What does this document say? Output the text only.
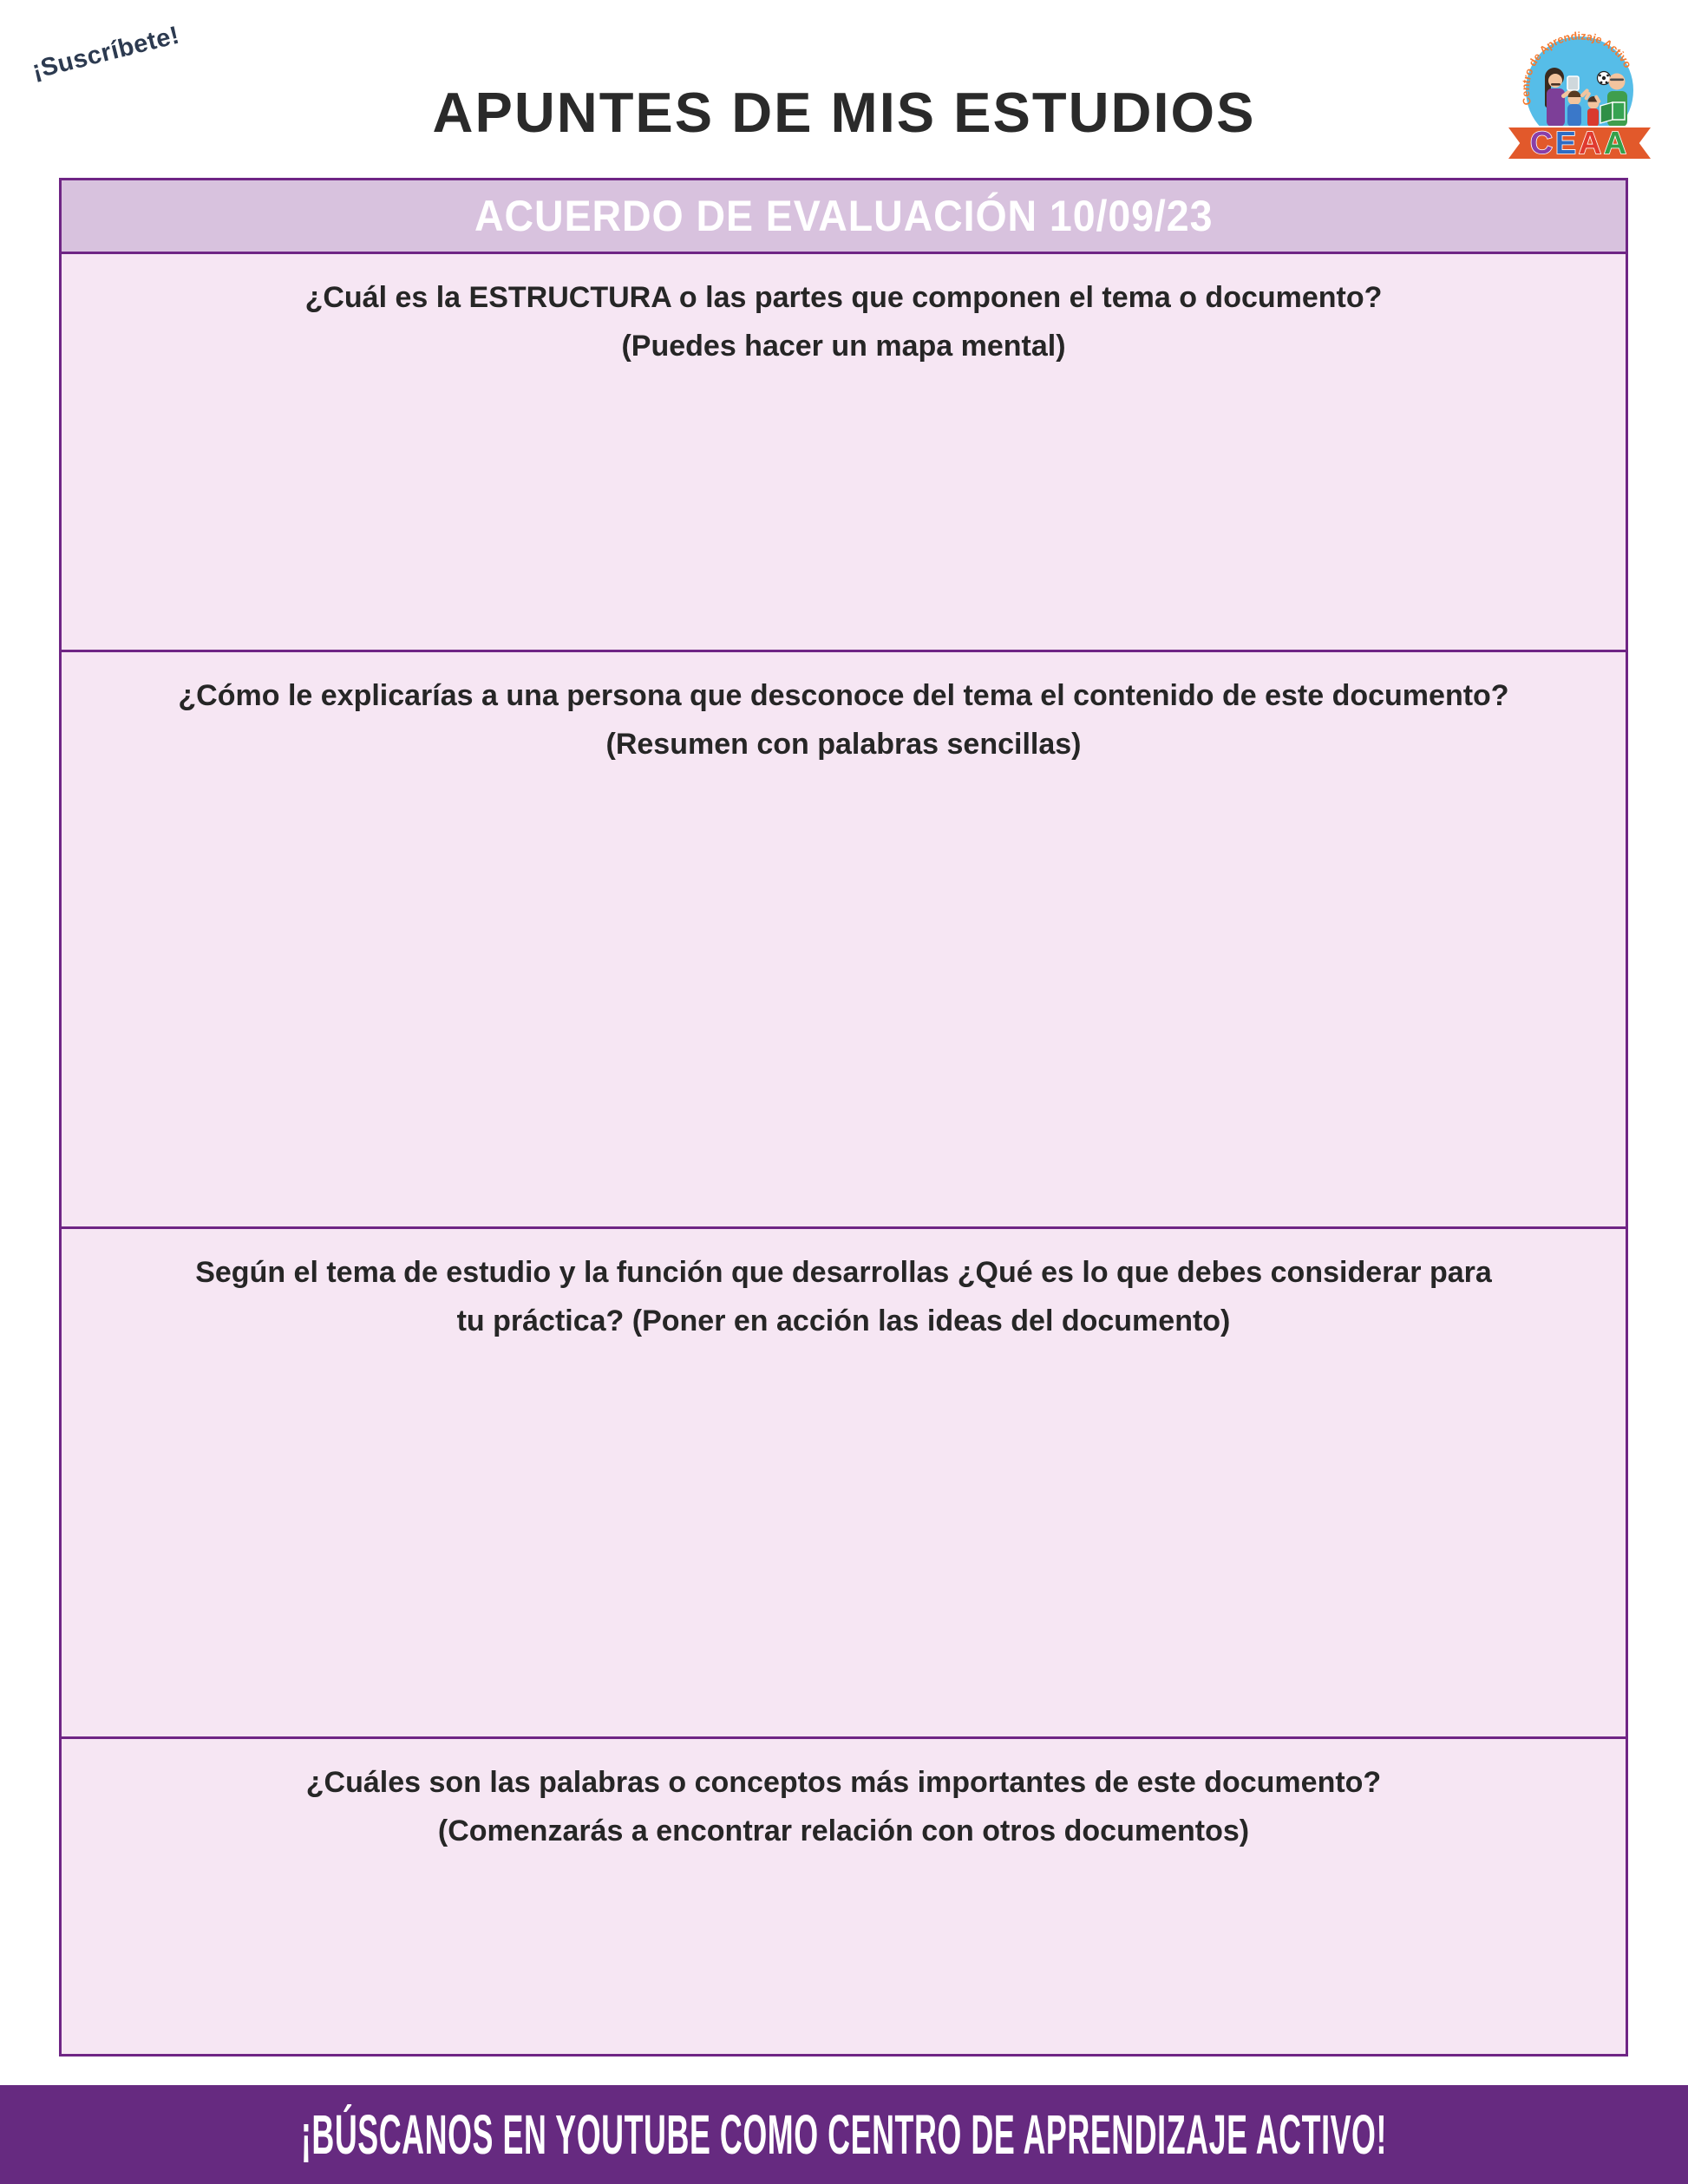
¡Suscríbete!
APUNTES DE MIS ESTUDIOS	Centro de Aprendizaje Activo
CEAA
ACUERDO DE EVALUACIÓN 10/09/23
¿Cuál es la ESTRUCTURA o las partes que componen el tema o documento?
(Puedes hacer un mapa mental)
¿Cómo le explicarías a una persona que desconoce del tema el contenido de este documento?
(Resumen con palabras sencillas)
Según el tema de estudio y la función que desarrollas ¿Qué es lo que debes considerar para
tu práctica? (Poner en acción las ideas del documento)
¿Cuáles son las palabras o conceptos más importantes de este documento?
(Comenzarás a encontrar relación con otros documentos)
¡BÚSCANOS EN YOUTUBE COMO CENTRO DE APRENDIZAJE ACTIVO!
